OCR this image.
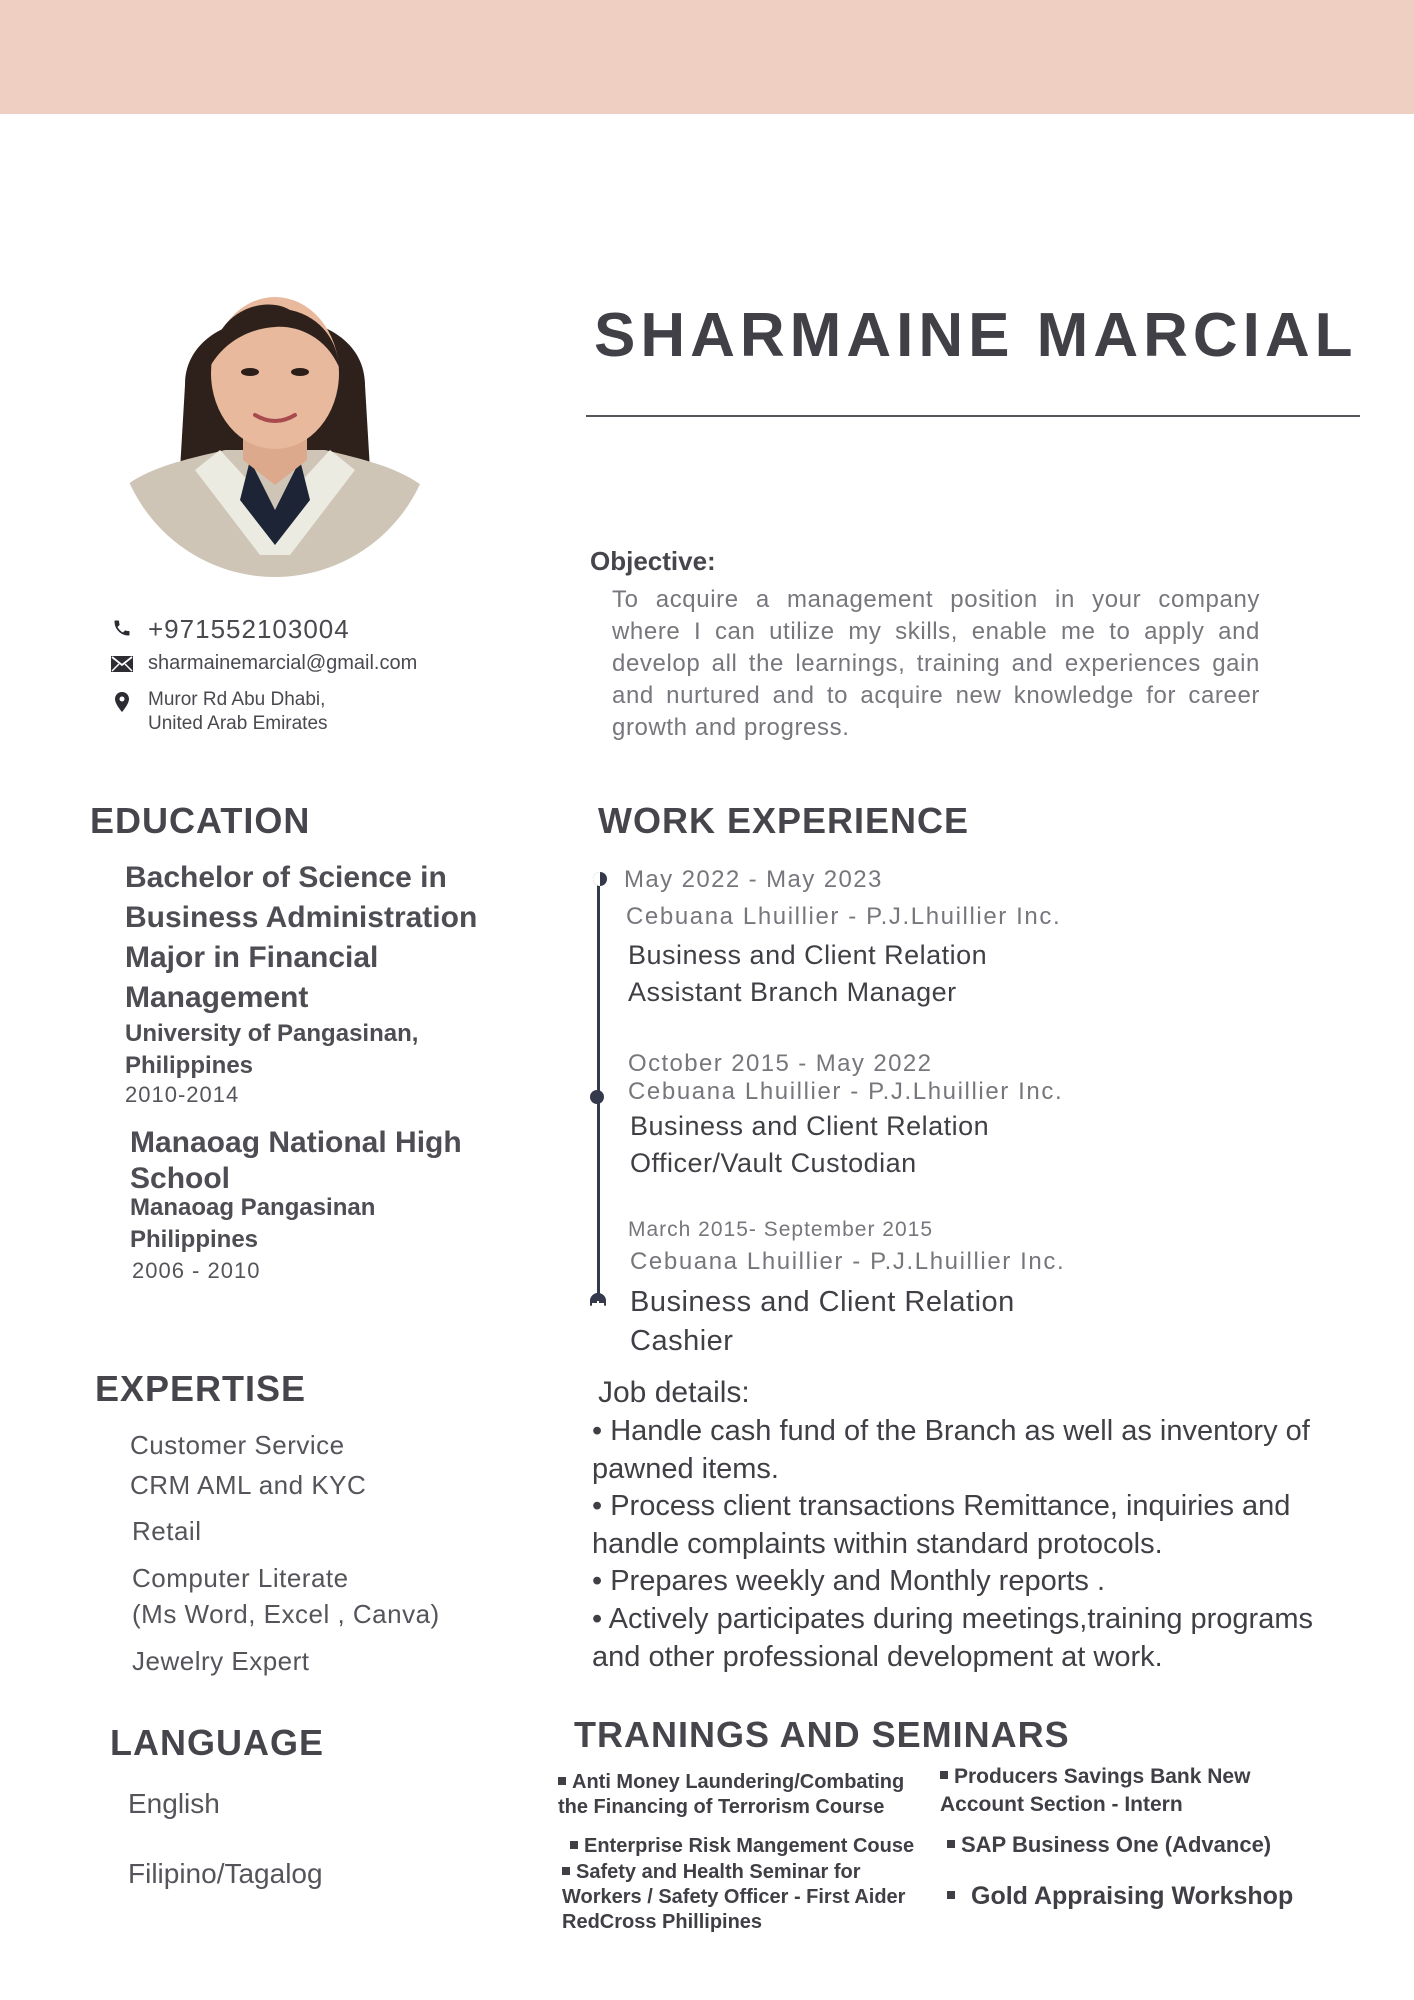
SHARMAINE MARCIAL
+971552103004
sharmainemarcial@gmail.com
Muror Rd Abu Dhabi,
United Arab Emirates
Objective:
To acquire a management position in your company where I can utilize my skills, enable me to apply and develop all the learnings, training and experiences gain and nurtured and to acquire new knowledge for career growth and progress.
EDUCATION
Bachelor of Science in Business Administration Major in Financial Management
University of Pangasinan,
Philippines
2010-2014
Manaoag National High School
Manaoag Pangasinan
Philippines
2006 - 2010
WORK EXPERIENCE
May 2022 - May 2023
Cebuana Lhuillier - P.J.Lhuillier Inc.
Business and Client Relation
Assistant Branch Manager
October 2015 - May 2022
Cebuana Lhuillier - P.J.Lhuillier Inc.
Business and Client Relation
Officer/Vault Custodian
March 2015- September 2015
Cebuana Lhuillier - P.J.Lhuillier Inc.
Business and Client Relation
Cashier
Job details:
• Handle cash fund of the Branch as well as inventory of pawned items.
• Process client transactions Remittance, inquiries and handle complaints within standard protocols.
• Prepares weekly and Monthly reports .
• Actively participates during meetings,training programs and other professional development at work.
EXPERTISE
Customer Service
CRM AML and KYC
Retail
Computer Literate
(Ms Word, Excel , Canva)
Jewelry Expert
LANGUAGE
English
Filipino/Tagalog
TRANINGS AND SEMINARS
Anti Money Laundering/Combating the Financing of Terrorism Course
Enterprise Risk Mangement Couse
Safety and Health Seminar for Workers / Safety Officer - First Aider RedCross Phillipines
Producers Savings Bank New Account Section - Intern
SAP Business One (Advance)
Gold Appraising Workshop
